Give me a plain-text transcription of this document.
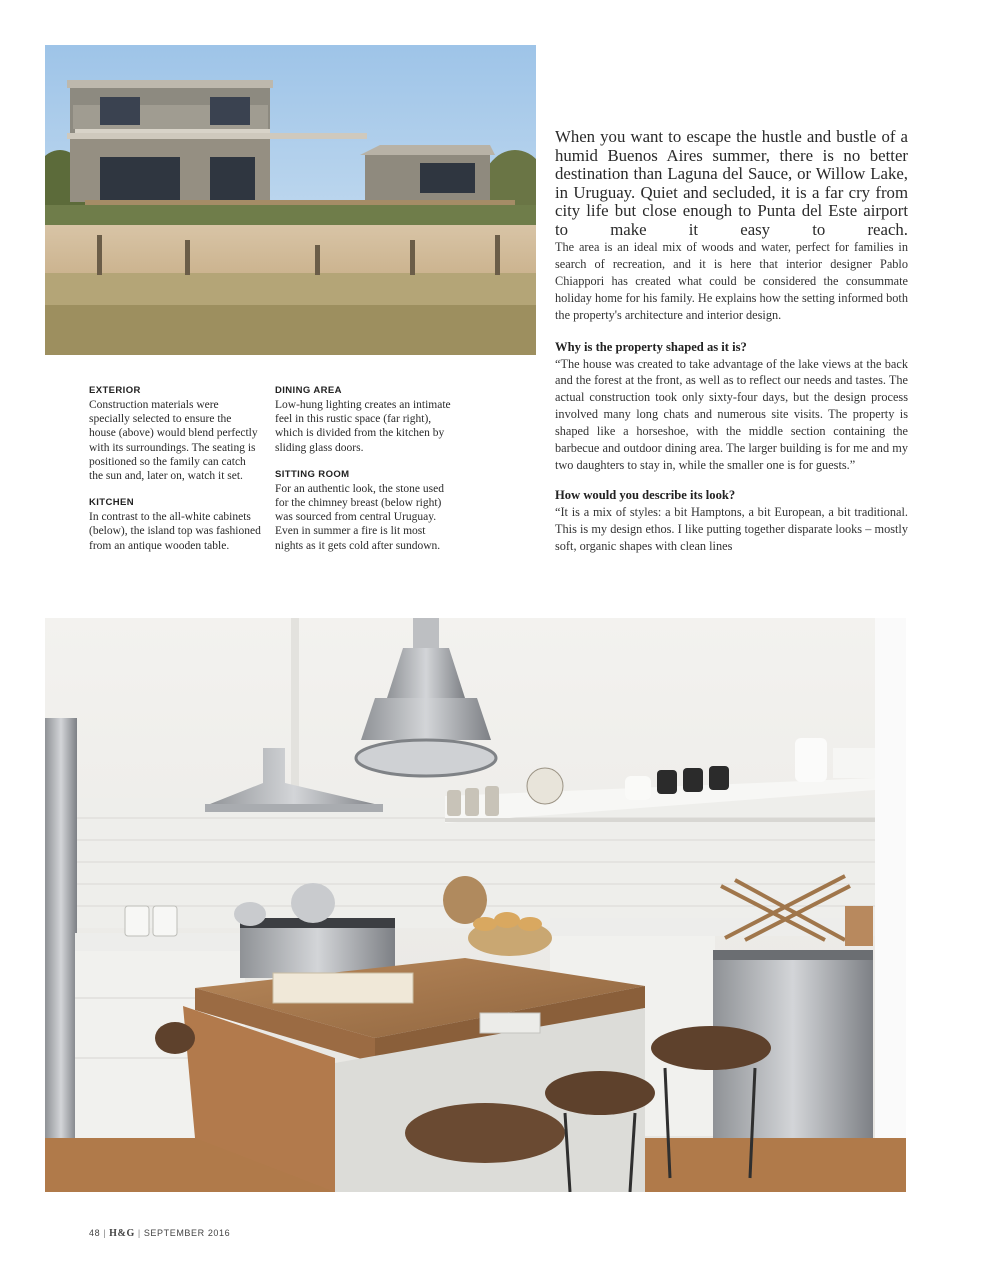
EXTERIOR

Construction materials were specially selected to ensure the house (above) would blend perfectly with its surroundings. The seating is positioned so the family can catch the sun and, later on, watch it set.

KITCHEN

In contrast to the all-white cabinets (below), the island top was fashioned from an antique wooden table.

DINING AREA

Low-hung lighting creates an intimate feel in this rustic space (far right), which is divided from the kitchen by sliding glass doors.

SITTING ROOM

For an authentic look, the stone used for the chimney breast (below right) was sourced from central Uruguay. Even in summer a fire is lit most nights as it gets cold after sundown.

When you want to escape the hustle and bustle of a humid Buenos Aires summer, there is no better destination than Laguna del Sauce, or Willow Lake, in Uruguay. Quiet and secluded, it is a far cry from city life but close enough to Punta del Este airport to make it easy to reach.

The area is an ideal mix of woods and water, perfect for families in search of recreation, and it is here that interior designer Pablo Chiappori has created what could be considered the consummate holiday home for his family. He explains how the setting informed both the property's architecture and interior design.

Why is the property shaped as it is?

“The house was created to take advantage of the lake views at the back and the forest at the front, as well as to reflect our needs and tastes. The actual construction took only sixty-four days, but the design process involved many long chats and numerous site visits. The property is shaped like a horseshoe, with the middle section containing the barbecue and outdoor dining area. The larger building is for me and my two daughters to stay in, while the smaller one is for guests.”

How would you describe its look?

“It is a mix of styles: a bit Hamptons, a bit European, a bit traditional. This is my design ethos. I like putting together disparate looks – mostly soft, organic shapes with clean lines

48 | H&G | SEPTEMBER 2016
